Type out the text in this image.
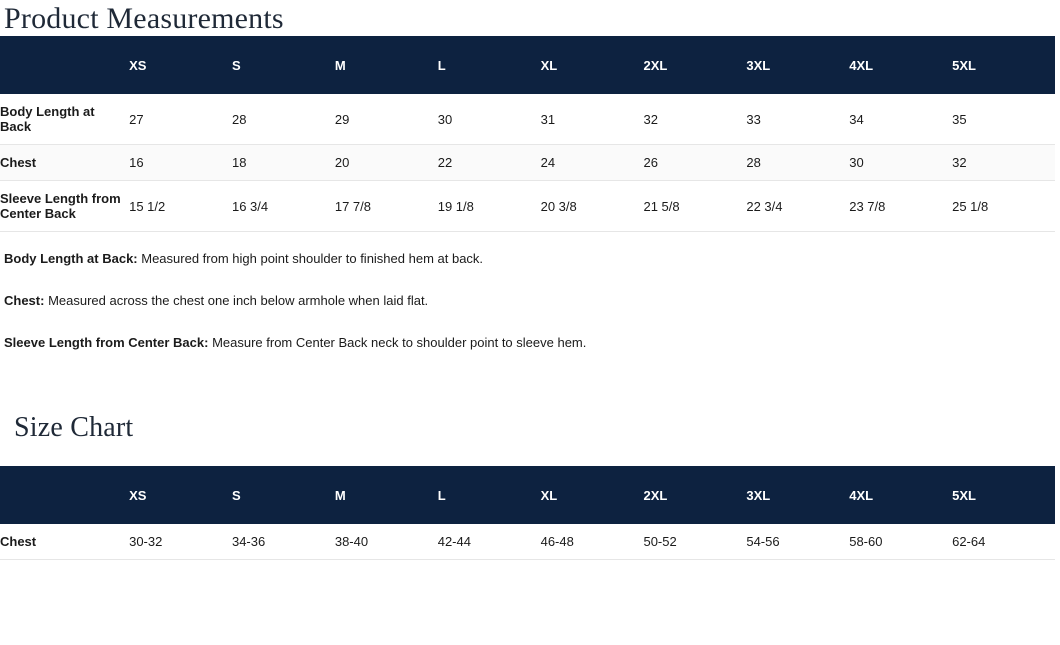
Product Measurements
	XS	S	M	L	XL	2XL	3XL	4XL	5XL
Body Length at Back	27	28	29	30	31	32	33	34	35
Chest	16	18	20	22	24	26	28	30	32
Sleeve Length from Center Back	15 1/2	16 3/4	17 7/8	19 1/8	20 3/8	21 5/8	22 3/4	23 7/8	25 1/8
Body Length at Back: Measured from high point shoulder to finished hem at back.
Chest: Measured across the chest one inch below armhole when laid flat.
Sleeve Length from Center Back: Measure from Center Back neck to shoulder point to sleeve hem.
Size Chart
	XS	S	M	L	XL	2XL	3XL	4XL	5XL
Chest	30-32	34-36	38-40	42-44	46-48	50-52	54-56	58-60	62-64
